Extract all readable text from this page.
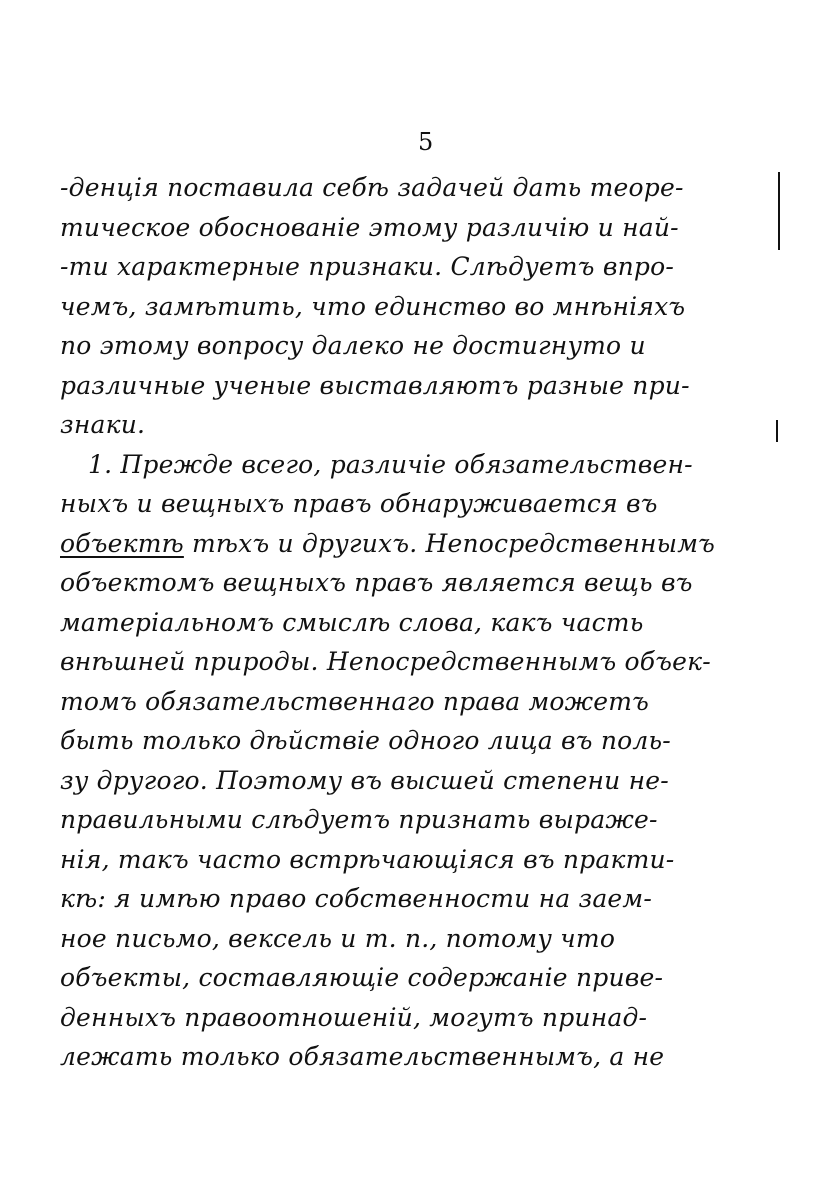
5
-денція поставила себѣ задачей дать теоре-
тическое обоснованіе этому различію и най-
-ти характерные признаки. Слѣдуетъ впро-
чемъ, замѣтить, что единство во мнѣніяхъ
по этому вопросу далеко не достигнуто и
различные ученые выставляютъ разные при-
знаки.
1. Прежде всего, различіе обязательствен-
ныхъ и вещныхъ правъ обнаруживается въ
объектѣ тѣхъ и другихъ. Непосредственнымъ
объектомъ вещныхъ правъ является вещь въ
матеріальномъ смыслѣ слова, какъ часть
внѣшней природы. Непосредственнымъ объек-
томъ обязательственнаго права можетъ
быть только дѣйствіе одного лица въ поль-
зу другого. Поэтому въ высшей степени не-
правильными слѣдуетъ признать выраже-
нія, такъ часто встрѣчающіяся въ практи-
кѣ: я имѣю право собственности на заем-
ное письмо, вексель и т. п., потому что
объекты, составляющіе содержаніе приве-
денныхъ правоотношеній, могутъ принад-
лежать только обязательственнымъ, а не
